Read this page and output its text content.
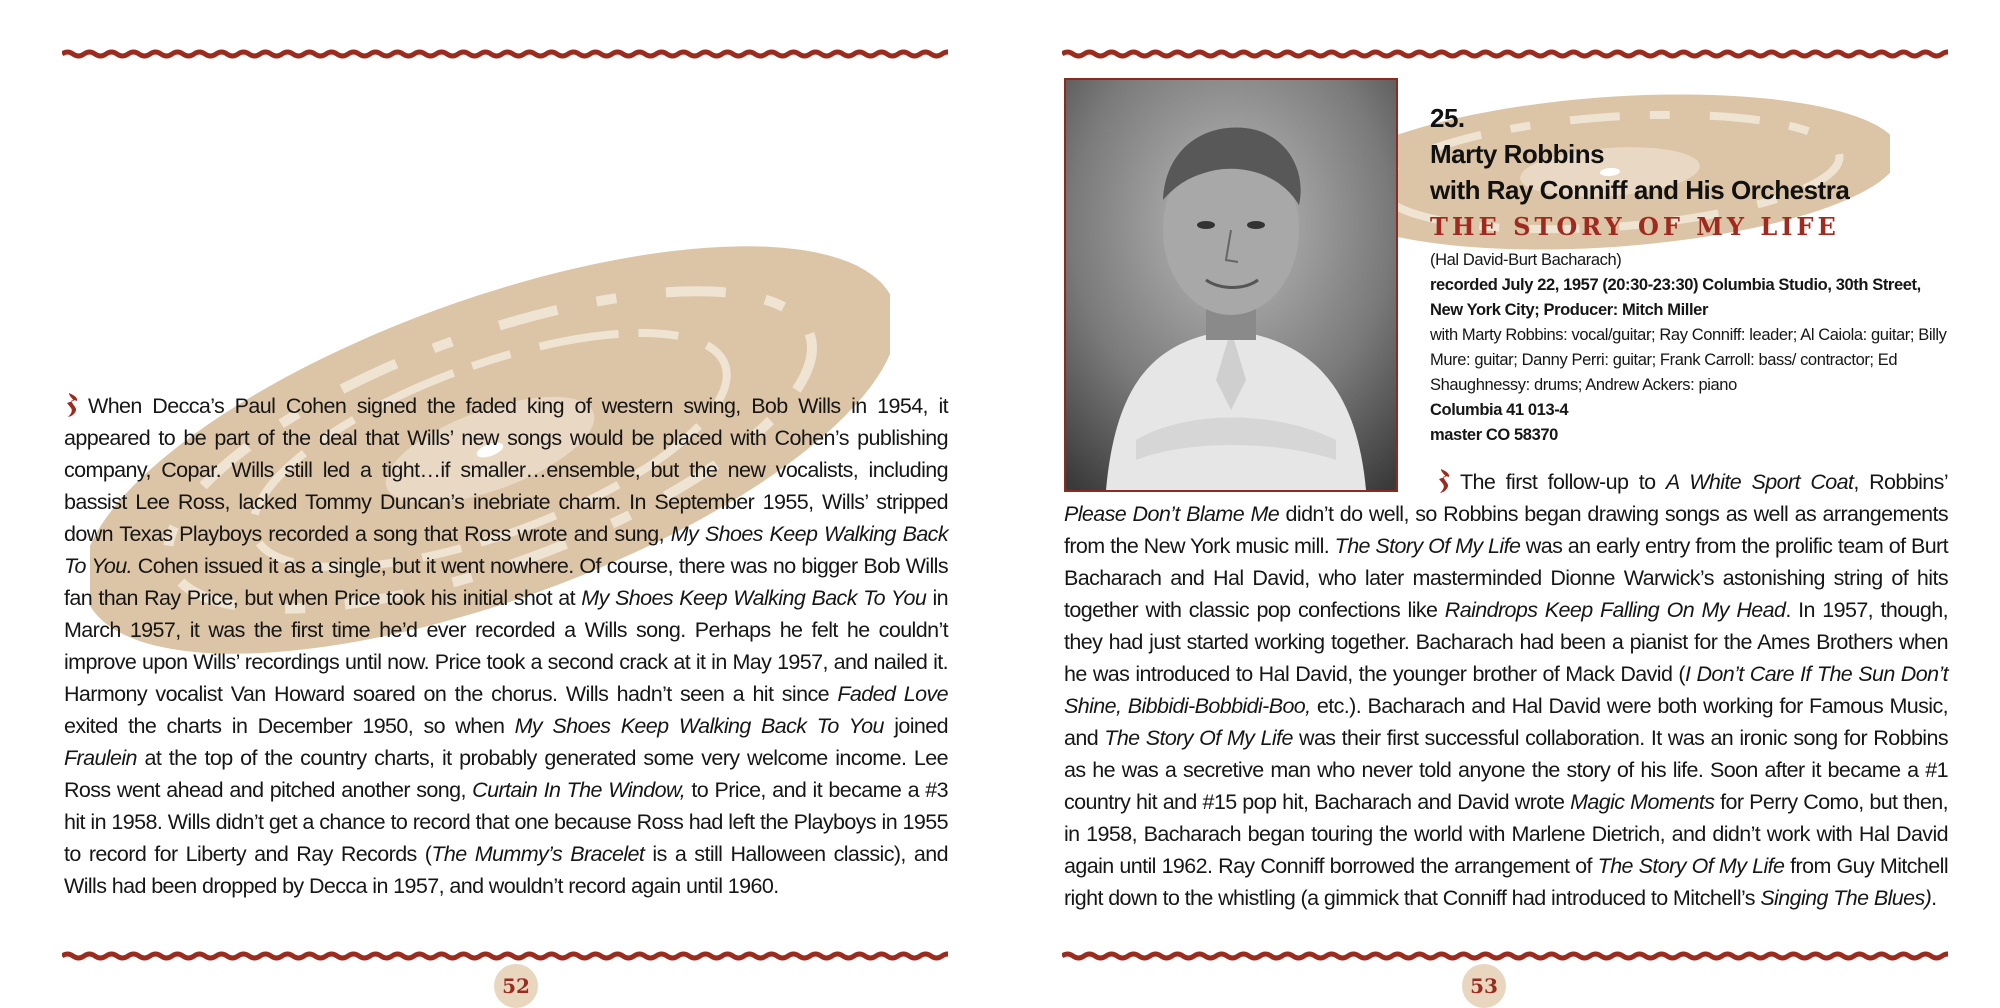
When Decca’s Paul Cohen signed the faded king of western swing, Bob Wills in 1954, it appeared to be part of the deal that Wills’ new songs would be placed with Cohen’s publishing company, Copar. Wills still led a tight…if smaller…ensemble, but the new vocalists, including bassist Lee Ross, lacked Tommy Duncan’s inebriate charm. In September 1955, Wills’ stripped down Texas Playboys recorded a song that Ross wrote and sung, My Shoes Keep Walking Back To You. Cohen issued it as a single, but it went nowhere. Of course, there was no bigger Bob Wills fan than Ray Price, but when Price took his initial shot at My Shoes Keep Walking Back To You in March 1957, it was the first time he’d ever recorded a Wills song. Perhaps he felt he couldn’t improve upon Wills’ recordings until now. Price took a second crack at it in May 1957, and nailed it. Harmony vocalist Van Howard soared on the chorus. Wills hadn’t seen a hit since Faded Love exited the charts in December 1950, so when My Shoes Keep Walking Back To You joined Fraulein at the top of the country charts, it probably generated some very welcome income. Lee Ross went ahead and pitched another song, Curtain In The Window, to Price, and it became a #3 hit in 1958. Wills didn’t get a chance to record that one because Ross had left the Playboys in 1955 to record for Liberty and Ray Records (The Mummy’s Bracelet is a still Halloween classic), and Wills had been dropped by Decca in 1957, and wouldn’t record again until 1960.
52
25.
Marty Robbins
with Ray Conniff and His Orchestra
THE STORY OF MY LIFE
(Hal David-Burt Bacharach)
recorded July 22, 1957 (20:30-23:30) Columbia Studio, 30th Street, New York City; Producer: Mitch Miller
with Marty Robbins: vocal/guitar; Ray Conniff: leader; Al Caiola: guitar; Billy Mure: guitar; Danny Perri: guitar; Frank Carroll: bass/ contractor; Ed Shaughnessy: drums; Andrew Ackers: piano
Columbia 41 013-4
master CO 58370
The first follow-up to A White Sport Coat, Robbins’ Please Don’t Blame Me didn’t do well, so Robbins began drawing songs as well as arrangements from the New York music mill. The Story Of My Life was an early entry from the prolific team of Burt Bacharach and Hal David, who later masterminded Dionne Warwick’s astonishing string of hits together with classic pop confections like Raindrops Keep Falling On My Head. In 1957, though, they had just started working together. Bacharach had been a pianist for the Ames Brothers when he was introduced to Hal David, the younger brother of Mack David (I Don’t Care If The Sun Don’t Shine, Bibbidi-Bobbidi-Boo, etc.). Bacharach and Hal David were both working for Famous Music, and The Story Of My Life was their first successful collaboration. It was an ironic song for Robbins as he was a secretive man who never told anyone the story of his life. Soon after it became a #1 country hit and #15 pop hit, Bacharach and David wrote Magic Moments for Perry Como, but then, in 1958, Bacharach began touring the world with Marlene Dietrich, and didn’t work with Hal David again until 1962. Ray Conniff borrowed the arrangement of The Story Of My Life from Guy Mitchell right down to the whistling (a gimmick that Conniff had introduced to Mitchell’s Singing The Blues).
53
